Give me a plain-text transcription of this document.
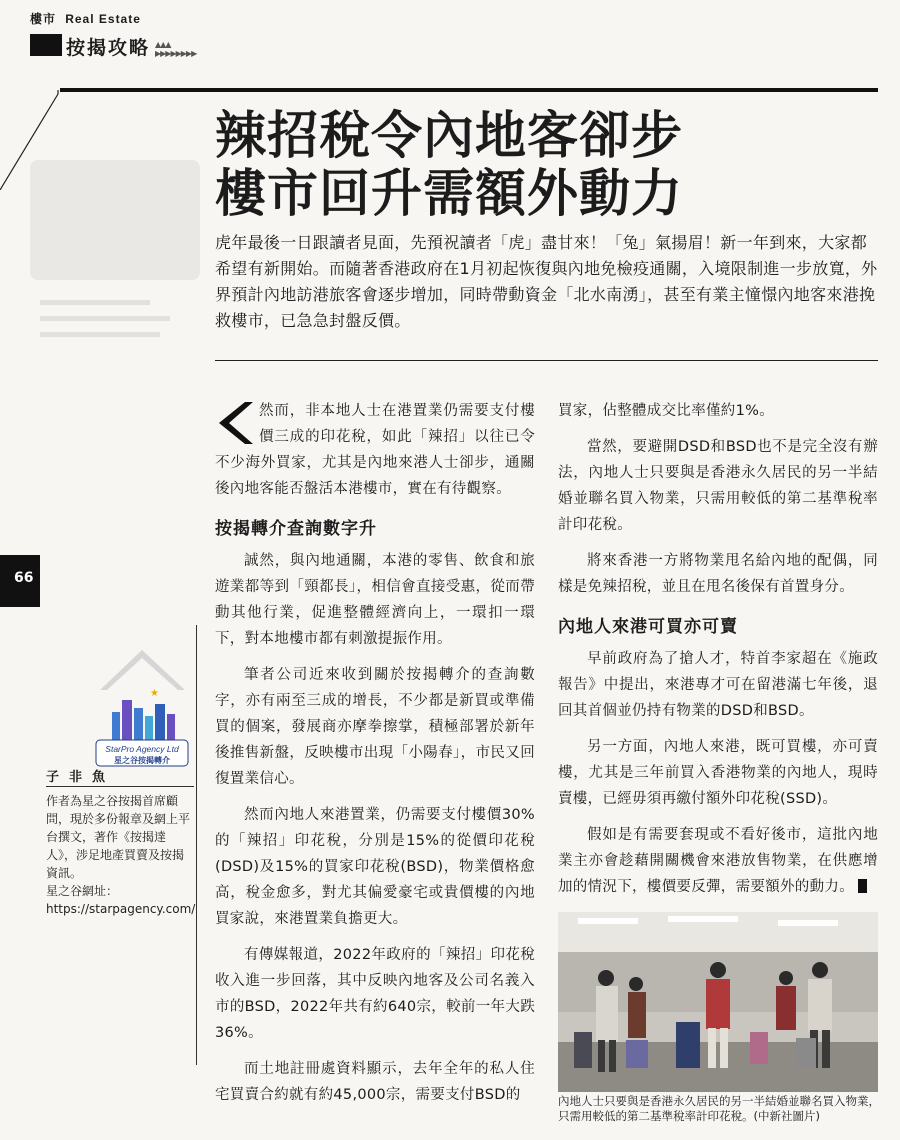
樓市 Real Estate
按揭攻略 ▲▲▲
▶▶▶▶▶▶▶▶
辣招稅令內地客卻步
樓市回升需額外動力
虎年最後一日跟讀者見面，先預祝讀者「虎」盡甘來！「兔」氣揚眉！新一年到來，大家都希望有新開始。而隨著香港政府在1月初起恢復與內地免檢疫通關，入境限制進一步放寬，外界預計內地訪港旅客會逐步增加，同時帶動資金「北水南湧」，甚至有業主憧憬內地客來港挽救樓市，已急急封盤反價。
66

然而，非本地人士在港置業仍需要支付樓價三成的印花稅，如此「辣招」以往已令不少海外買家，尤其是內地來港人士卻步，通關後內地客能否盤活本港樓市，實在有待觀察。

按揭轉介查詢數字升

誠然，與內地通關，本港的零售、飲食和旅遊業都等到「頸都長」，相信會直接受惠，從而帶動其他行業，促進整體經濟向上，一環扣一環下，對本地樓市都有刺激提振作用。

筆者公司近來收到關於按揭轉介的查詢數字，亦有兩至三成的增長，不少都是新買或準備買的個案，發展商亦摩拳擦掌，積極部署於新年後推售新盤，反映樓市出現「小陽春」，市民又回復置業信心。

然而內地人來港置業，仍需要支付樓價30%的「辣招」印花稅，分別是15%的從價印花稅(DSD)及15%的買家印花稅(BSD)，物業價格愈高，稅金愈多，對尤其偏愛豪宅或貴價樓的內地買家說，來港置業負擔更大。

有傳媒報道，2022年政府的「辣招」印花稅收入進一步回落，其中反映內地客及公司名義入市的BSD，2022年共有約640宗，較前一年大跌36%。

而土地註冊處資料顯示，去年全年的私人住宅買賣合約就有約45,000宗，需要支付BSD的

買家，佔整體成交比率僅約1%。

當然，要避開DSD和BSD也不是完全沒有辦法，內地人士只要與是香港永久居民的另一半結婚並聯名買入物業，只需用較低的第二基準稅率計印花稅。

將來香港一方將物業甩名給內地的配偶，同樣是免辣招稅，並且在甩名後保有首置身分。

內地人來港可買亦可賣

早前政府為了搶人才，特首李家超在《施政報告》中提出，來港專才可在留港滿七年後，退回其首個並仍持有物業的DSD和BSD。

另一方面，內地人來港，既可買樓，亦可賣樓，尤其是三年前買入香港物業的內地人，現時賣樓，已經毋須再繳付額外印花稅(SSD)。

假如是有需要套現或不看好後市，這批內地業主亦會趁藉開關機會來港放售物業，在供應增加的情況下，樓價要反彈，需要額外的動力。

★
StarPro Agency Ltd
星之谷按揭轉介
子非魚
作者為星之谷按揭首席顧問，現於多份報章及網上平台撰文，著作《按揭達人》，涉足地產買賣及按揭資訊。
星之谷網址：
https://starpagency.com/
內地人士只要與是香港永久居民的另一半結婚並聯名買入物業，只需用較低的第二基準稅率計印花稅。(中新社圖片)
